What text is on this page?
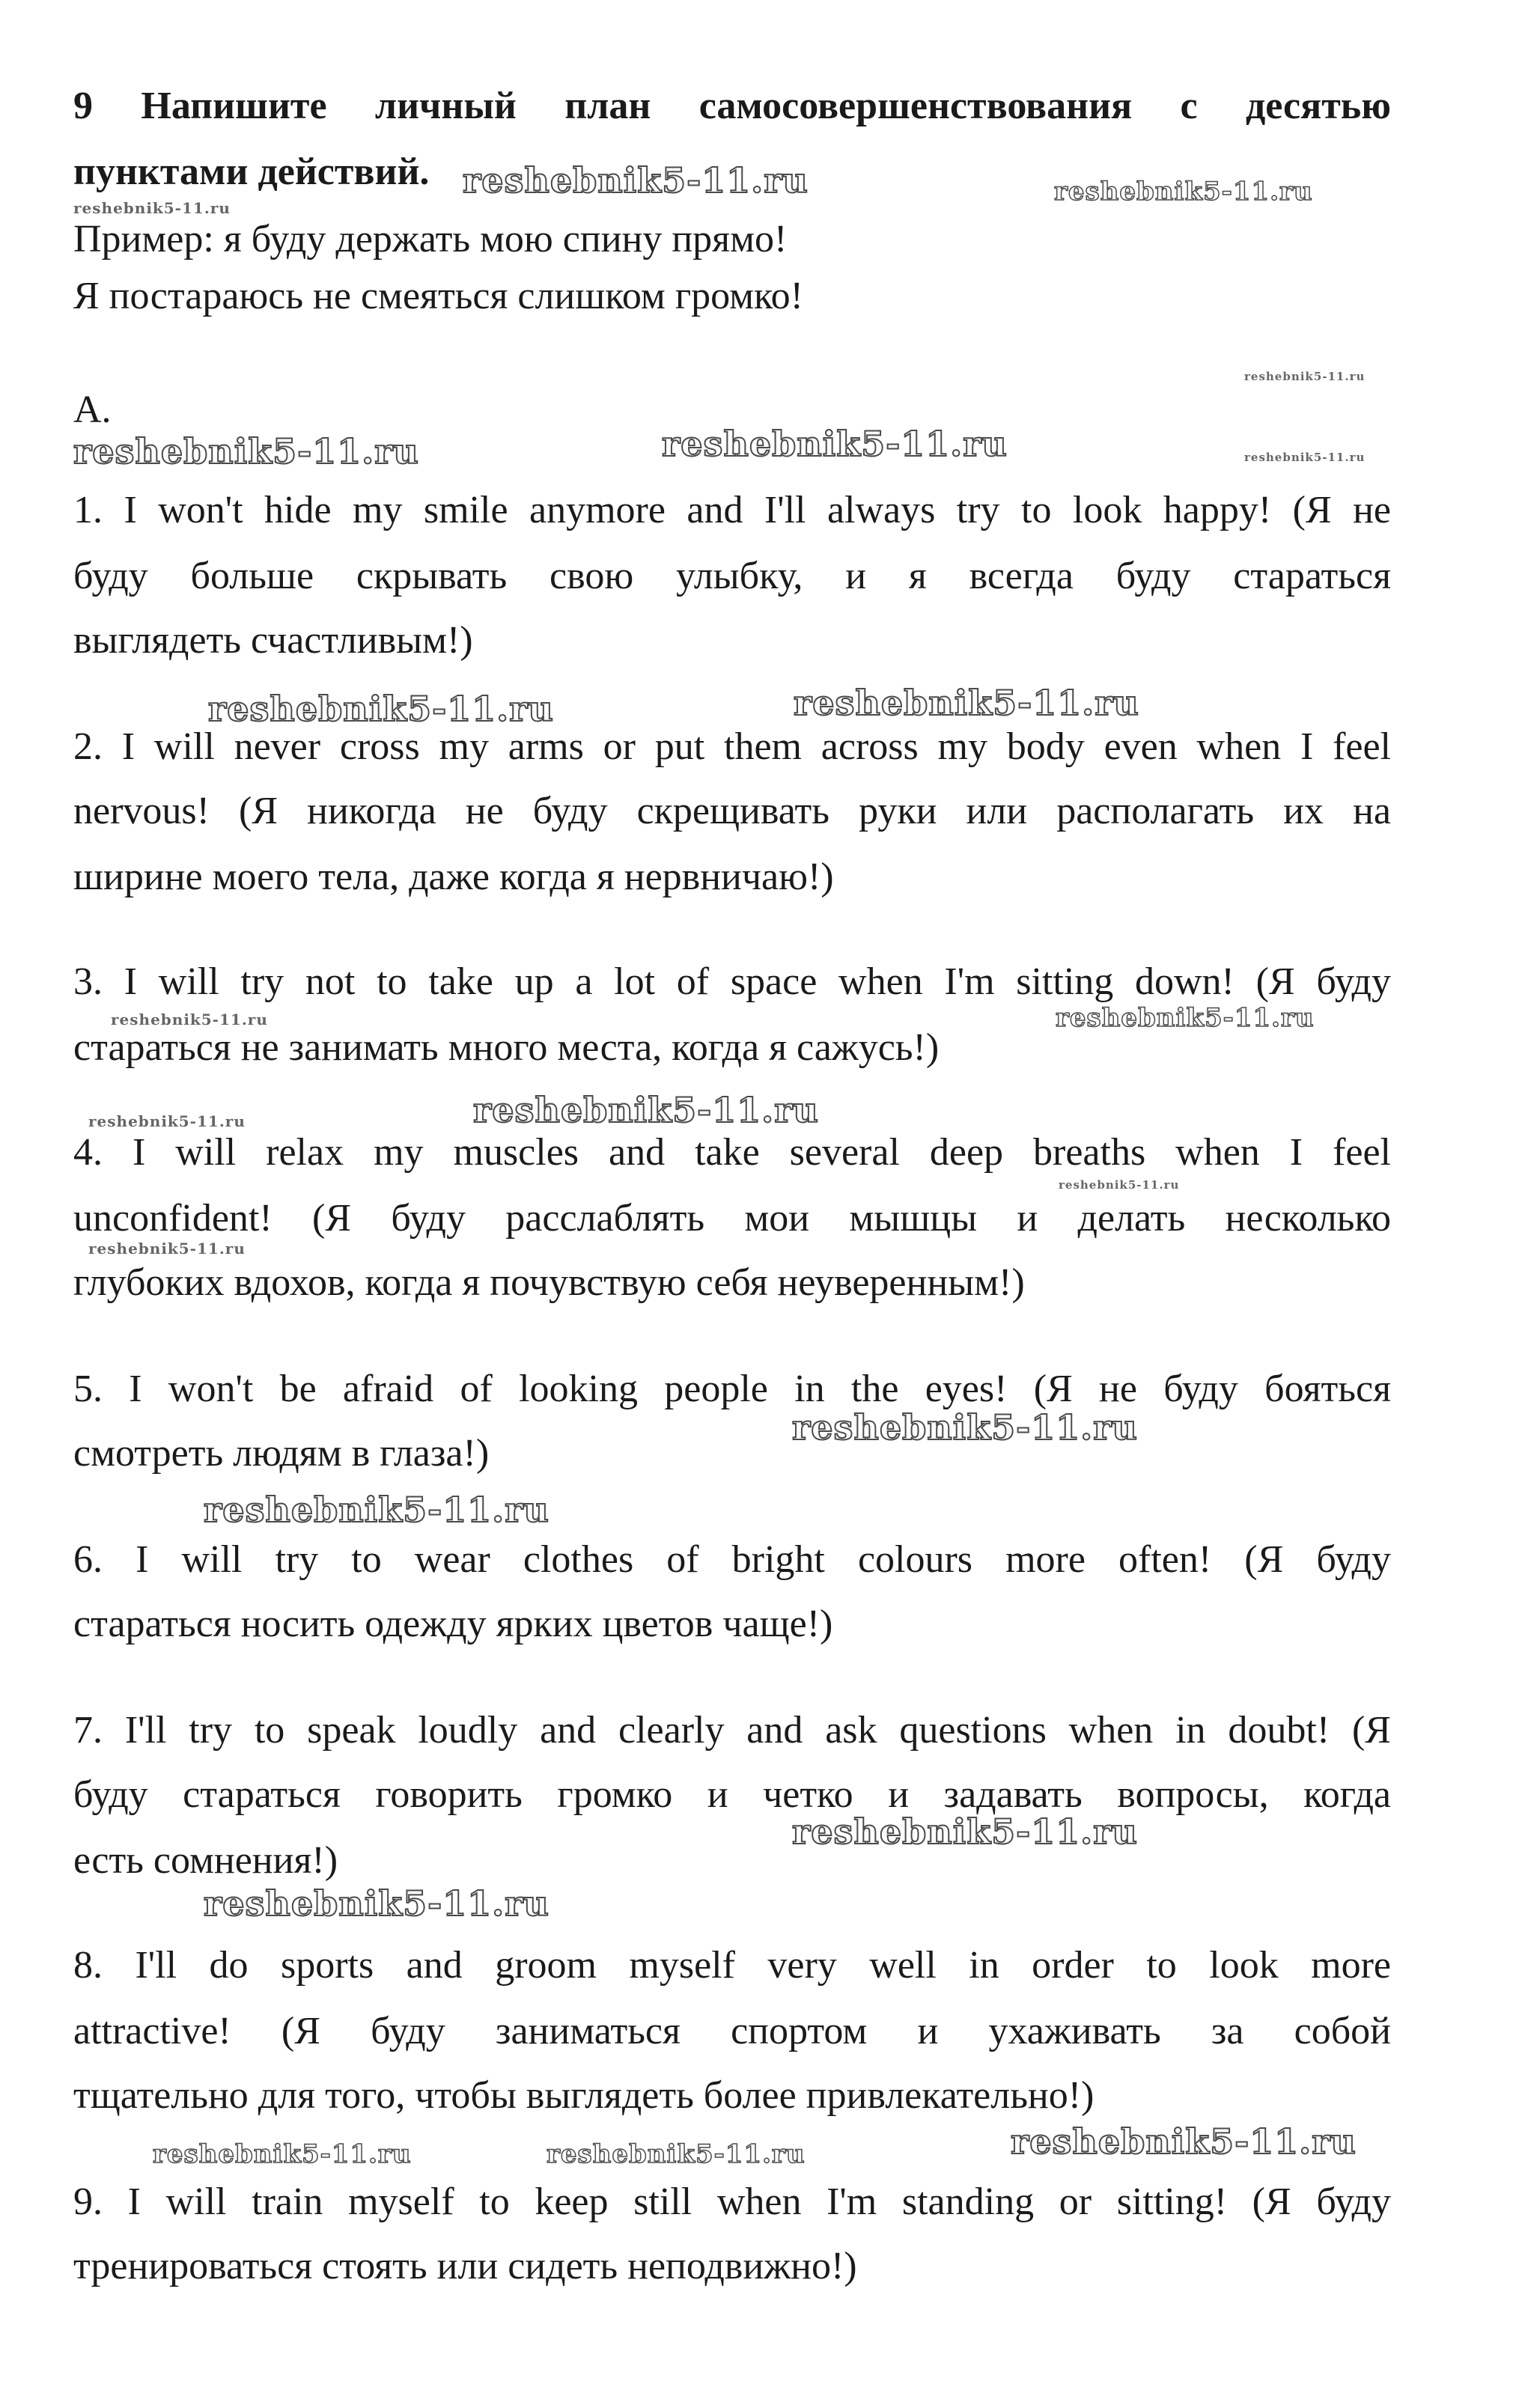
9 Напишите личный план самосовершенствования с десятью
пунктами действий.
Пример: я буду держать мою спину прямо!
Я постараюсь не смеяться слишком громко!
A.
1. I won't hide my smile anymore and I'll always try to look happy! (Я не
буду больше скрывать свою улыбку, и я всегда буду стараться
выглядеть счастливым!)
2. I will never cross my arms or put them across my body even when I feel
nervous! (Я никогда не буду скрещивать руки или располагать их на
ширине моего тела, даже когда я нервничаю!)
3. I will try not to take up a lot of space when I'm sitting down! (Я буду
стараться не занимать много места, когда я сажусь!)
4. I will relax my muscles and take several deep breaths when I feel
unconfident! (Я буду расслаблять мои мышцы и делать несколько
глубоких вдохов, когда я почувствую себя неуверенным!)
5. I won't be afraid of looking people in the eyes! (Я не буду бояться
смотреть людям в глаза!)
6. I will try to wear clothes of bright colours more often! (Я буду
стараться носить одежду ярких цветов чаще!)
7. I'll try to speak loudly and clearly and ask questions when in doubt! (Я
буду стараться говорить громко и четко и задавать вопросы, когда
есть сомнения!)
8. I'll do sports and groom myself very well in order to look more
attractive! (Я буду заниматься спортом и ухаживать за собой
тщательно для того, чтобы выглядеть более привлекательно!)
9. I will train myself to keep still when I'm standing or sitting! (Я буду
тренироваться стоять или сидеть неподвижно!)
reshebnik5-11.ru
reshebnik5-11.ru
reshebnik5-11.ru
reshebnik5-11.ru
reshebnik5-11.ru	reshebnik5-11.ru	reshebnik5-11.ru
reshebnik5-11.ru	reshebnik5-11.ru
reshebnik5-11.ru	reshebnik5-11.ru
reshebnik5-11.ru	reshebnik5-11.ru
reshebnik5-11.ru
reshebnik5-11.ru
reshebnik5-11.ru
reshebnik5-11.ru
reshebnik5-11.ru
reshebnik5-11.ru
reshebnik5-11.ru	reshebnik5-11.ru	reshebnik5-11.ru
